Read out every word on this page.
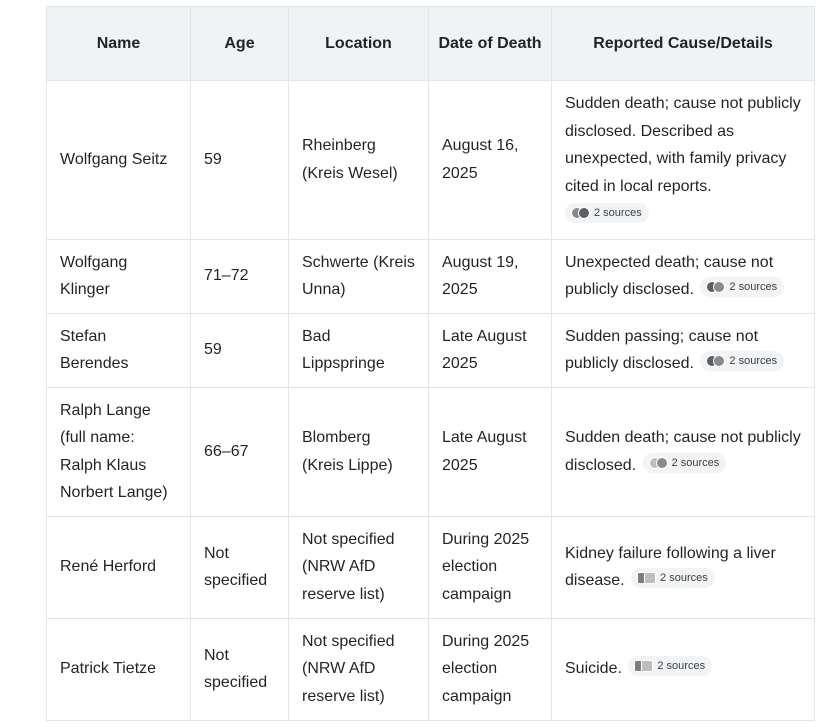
Name	Age	Location	Date of Death	Reported Cause/Details
Wolfgang Seitz	59	Rheinberg (Kreis Wesel)	August 16, 2025	Sudden death; cause not publicly disclosed. Described as unexpected, with family privacy cited in local reports.

2 sources

Wolfgang Klinger	71–72	Schwerte (Kreis Unna)	August 19, 2025	Unexpected death; cause not publicly disclosed. 2 sources

Stefan Berendes	59	Bad Lippspringe	Late August 2025	Sudden passing; cause not publicly disclosed. 2 sources

Ralph Lange (full name: Ralph Klaus Norbert Lange)	66–67	Blomberg (Kreis Lippe)	Late August 2025	Sudden death; cause not publicly disclosed. 2 sources

René Herford	Not specified	Not specified (NRW AfD reserve list)	During 2025 election campaign	Kidney failure following a liver disease. 2 sources

Patrick Tietze	Not specified	Not specified (NRW AfD reserve list)	During 2025 election campaign	Suicide. 2 sources
